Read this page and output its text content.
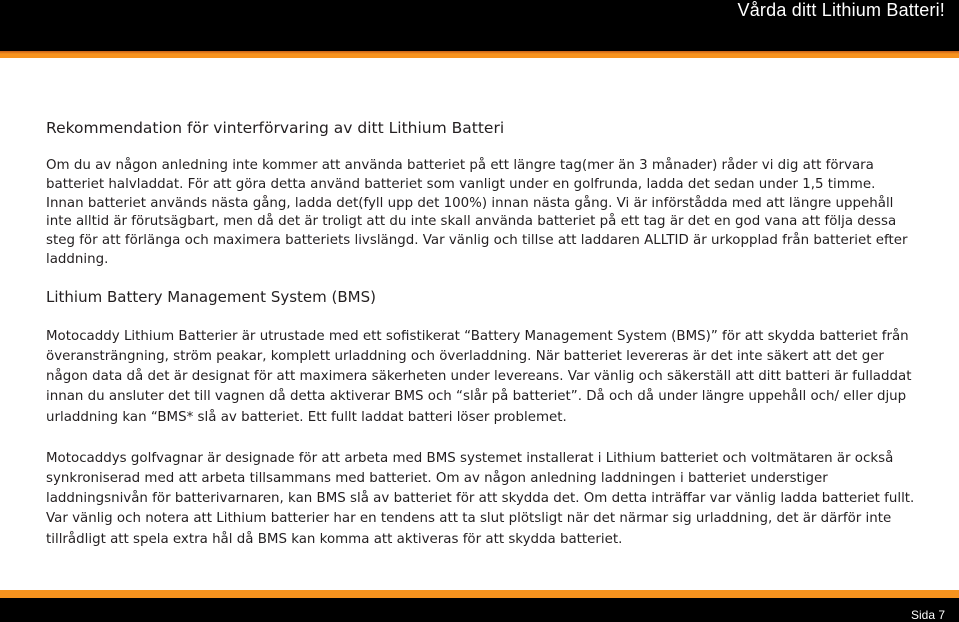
Vårda ditt Lithium Batteri!
Rekommendation för vinterförvaring av ditt Lithium Batteri

Om du av någon anledning inte kommer att använda batteriet på ett längre tag(mer än 3 månader) råder vi dig att förvara batteriet halvladdat. För att göra detta använd batteriet som vanligt under en golfrunda, ladda det sedan under 1,5 timme. Innan batteriet används nästa gång, ladda det(fyll upp det 100%) innan nästa gång. Vi är införstådda med att längre uppehåll inte alltid är förutsägbart, men då det är troligt att du inte skall använda batteriet på ett tag är det en god vana att följa dessa steg för att förlänga och maximera batteriets livslängd. Var vänlig och tillse att laddaren ALLTID är urkopplad från batteriet efter laddning.

Lithium Battery Management System (BMS)

Motocaddy Lithium Batterier är utrustade med ett sofistikerat “Battery Management System (BMS)” för att skydda batteriet från överansträngning, ström peakar, komplett urladdning och överladdning. När batteriet levereras är det inte säkert att det ger någon data då det är designat för att maximera säkerheten under levereans. Var vänlig och säkerställ att ditt batteri är fulladdat innan du ansluter det till vagnen då detta aktiverar BMS och “slår på batteriet”. Då och då under längre uppehåll och/ eller djup urladdning kan “BMS* slå av batteriet. Ett fullt laddat batteri löser problemet.

Motocaddys golfvagnar är designade för att arbeta med BMS systemet installerat i Lithium batteriet och voltmätaren är också synkroniserad med att arbeta tillsammans med batteriet. Om av någon anledning laddningen i batteriet understiger laddningsnivån för batterivarnaren, kan BMS slå av batteriet för att skydda det. Om detta inträffar var vänlig ladda batteriet fullt. Var vänlig och notera att Lithium batterier har en tendens att ta slut plötsligt när det närmar sig urladdning, det är därför inte tillrådligt att spela extra hål då BMS kan komma att aktiveras för att skydda batteriet.

Sida 7
